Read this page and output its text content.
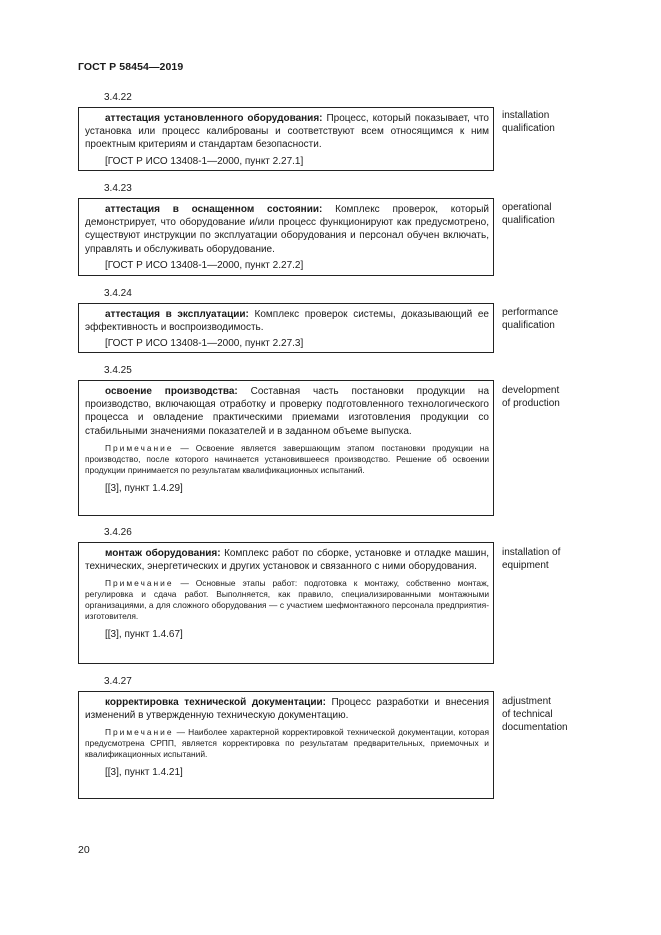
ГОСТ Р 58454—2019
3.4.22

аттестация установленного оборудования: Процесс, который показывает, что установка или процесс калиброваны и соответствуют всем относящимся к ним проектным критериям и стандартам безопасности.

[ГОСТ Р ИСО 13408-1—2000, пункт 2.27.1]

installation
qualification
3.4.23

аттестация в оснащенном состоянии: Комплекс проверок, который демонстрирует, что оборудование и/или процесс функционируют как предусмотрено, существуют инструкции по эксплуатации оборудования и персонал обучен включать, управлять и обслуживать оборудование.

[ГОСТ Р ИСО 13408-1—2000, пункт 2.27.2]

operational
qualification
3.4.24

аттестация в эксплуатации: Комплекс проверок системы, доказывающий ее эффективность и воспроизводимость.

[ГОСТ Р ИСО 13408-1—2000, пункт 2.27.3]

performance
qualification
3.4.25

освоение производства: Составная часть постановки продукции на производство, включающая отработку и проверку подготовленного технологического процесса и овладение практическими приемами изготовления продукции со стабильными значениями показателей и в заданном объеме выпуска.

Примечание — Освоение является завершающим этапом постановки продукции на производство, после которого начинается установившееся производство. Решение об освоении продукции принимается по результатам квалификационных испытаний.

[[3], пункт 1.4.29]

development
of production
3.4.26

монтаж оборудования: Комплекс работ по сборке, установке и отладке машин, технических, энергетических и других установок и связанного с ними оборудования.

Примечание — Основные этапы работ: подготовка к монтажу, собственно монтаж, регулировка и сдача работ. Выполняется, как правило, специализированными монтажными организациями, а для сложного оборудования — с участием шефмонтажного персонала предприятия-изготовителя.

[[3], пункт 1.4.67]

installation of
equipment
3.4.27

корректировка технической документации: Процесс разработки и внесения изменений в утвержденную техническую документацию.

Примечание — Наиболее характерной корректировкой технической документации, которая предусмотрена СРПП, является корректировка по результатам предварительных, приемочных и квалификационных испытаний.

[[3], пункт 1.4.21]

adjustment
of technical
documentation
20
